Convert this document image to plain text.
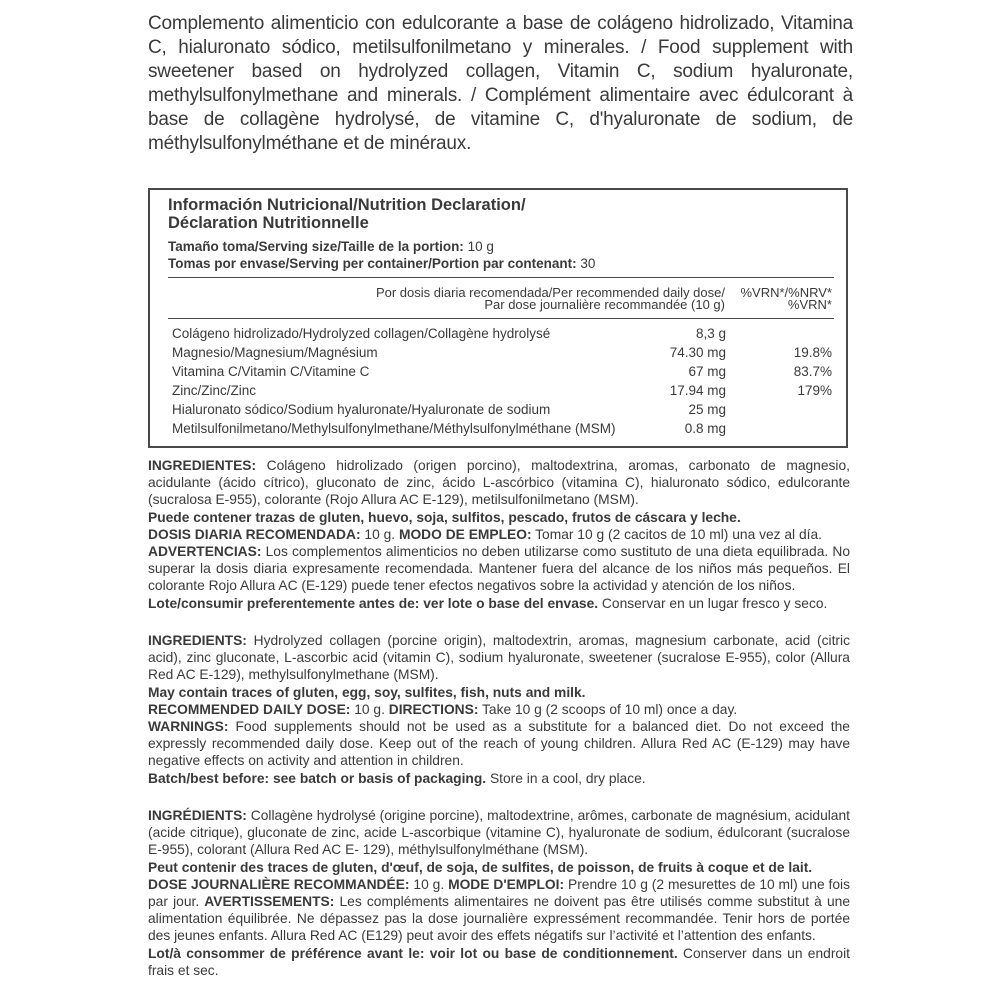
Complemento alimenticio con edulcorante a base de colágeno hidrolizado, Vitamina C, hialuronato sódico, metilsulfonilmetano y minerales. / Food supplement with sweetener based on hydrolyzed collagen, Vitamin C, sodium hyaluronate, methylsulfonylmethane and minerals. / Complément alimentaire avec édulcorant à base de collagène hydrolysé, de vitamine C, d'hyaluronate de sodium, de méthylsulfonylméthane et de minéraux.
Información Nutricional/Nutrition Declaration/
Déclaration Nutritionnelle
Tamaño toma/Serving size/Taille de la portion: 10 g
Tomas por envase/Serving per container/Portion par contenant: 30
Por dosis diaria recomendada/Per recommended daily dose/
Par dose journalière recommandée (10 g)
%VRN*/%NRV*
%VRN*
Colágeno hidrolizado/Hydrolyzed collagen/Collagène hydrolysé	8,3 g
Magnesio/Magnesium/Magnésium	74.30 mg	19.8%
Vitamina C/Vitamin C/Vitamine C	67 mg	83.7%
Zinc/Zinc/Zinc	17.94 mg	179%
Hialuronato sódico/Sodium hyaluronate/Hyaluronate de sodium	25 mg
Metilsulfonilmetano/Methylsulfonylmethane/Méthylsulfonylméthane (MSM)	0.8 mg

INGREDIENTES: Colágeno hidrolizado (origen porcino), maltodextrina, aromas, carbonato de magnesio, acidulante (ácido cítrico), gluconato de zinc, ácido L-ascórbico (vitamina C), hialuronato sódico, edulcorante (sucralosa E-955), colorante (Rojo Allura AC E-129), metilsulfonilmetano (MSM).

Puede contener trazas de gluten, huevo, soja, sulfitos, pescado, frutos de cáscara y leche.

DOSIS DIARIA RECOMENDADA: 10 g. MODO DE EMPLEO: Tomar 10 g (2 cacitos de 10 ml) una vez al día.

ADVERTENCIAS: Los complementos alimenticios no deben utilizarse como sustituto de una dieta equilibrada. No superar la dosis diaria expresamente recomendada. Mantener fuera del alcance de los niños más pequeños. El colorante Rojo Allura AC (E-129) puede tener efectos negativos sobre la actividad y atención de los niños.

Lote/consumir preferentemente antes de: ver lote o base del envase. Conservar en un lugar fresco y seco.

INGREDIENTS: Hydrolyzed collagen (porcine origin), maltodextrin, aromas, magnesium carbonate, acid (citric acid), zinc gluconate, L-ascorbic acid (vitamin C), sodium hyaluronate, sweetener (sucralose E-955), color (Allura Red AC E-129), methylsulfonylmethane (MSM).

May contain traces of gluten, egg, soy, sulfites, fish, nuts and milk.

RECOMMENDED DAILY DOSE: 10 g. DIRECTIONS: Take 10 g (2 scoops of 10 ml) once a day.

WARNINGS: Food supplements should not be used as a substitute for a balanced diet. Do not exceed the expressly recommended daily dose. Keep out of the reach of young children. Allura Red AC (E-129) may have negative effects on activity and attention in children.

Batch/best before: see batch or basis of packaging. Store in a cool, dry place.

INGRÉDIENTS: Collagène hydrolysé (origine porcine), maltodextrine, arômes, carbonate de magnésium, acidulant (acide citrique), gluconate de zinc, acide L-ascorbique (vitamine C), hyaluronate de sodium, édulcorant (sucralose E-955), colorant (Allura Red AC E- 129), méthylsulfonylméthane (MSM).

Peut contenir des traces de gluten, d'œuf, de soja, de sulfites, de poisson, de fruits à coque et de lait.

DOSE JOURNALIÈRE RECOMMANDÉE: 10 g. MODE D'EMPLOI: Prendre 10 g (2 mesurettes de 10 ml) une fois par jour. AVERTISSEMENTS: Les compléments alimentaires ne doivent pas être utilisés comme substitut à une alimentation équilibrée. Ne dépassez pas la dose journalière expressément recommandée. Tenir hors de portée des jeunes enfants. Allura Red AC (E129) peut avoir des effets négatifs sur l’activité et l’attention des enfants.

Lot/à consommer de préférence avant le: voir lot ou base de conditionnement. Conserver dans un endroit frais et sec.
